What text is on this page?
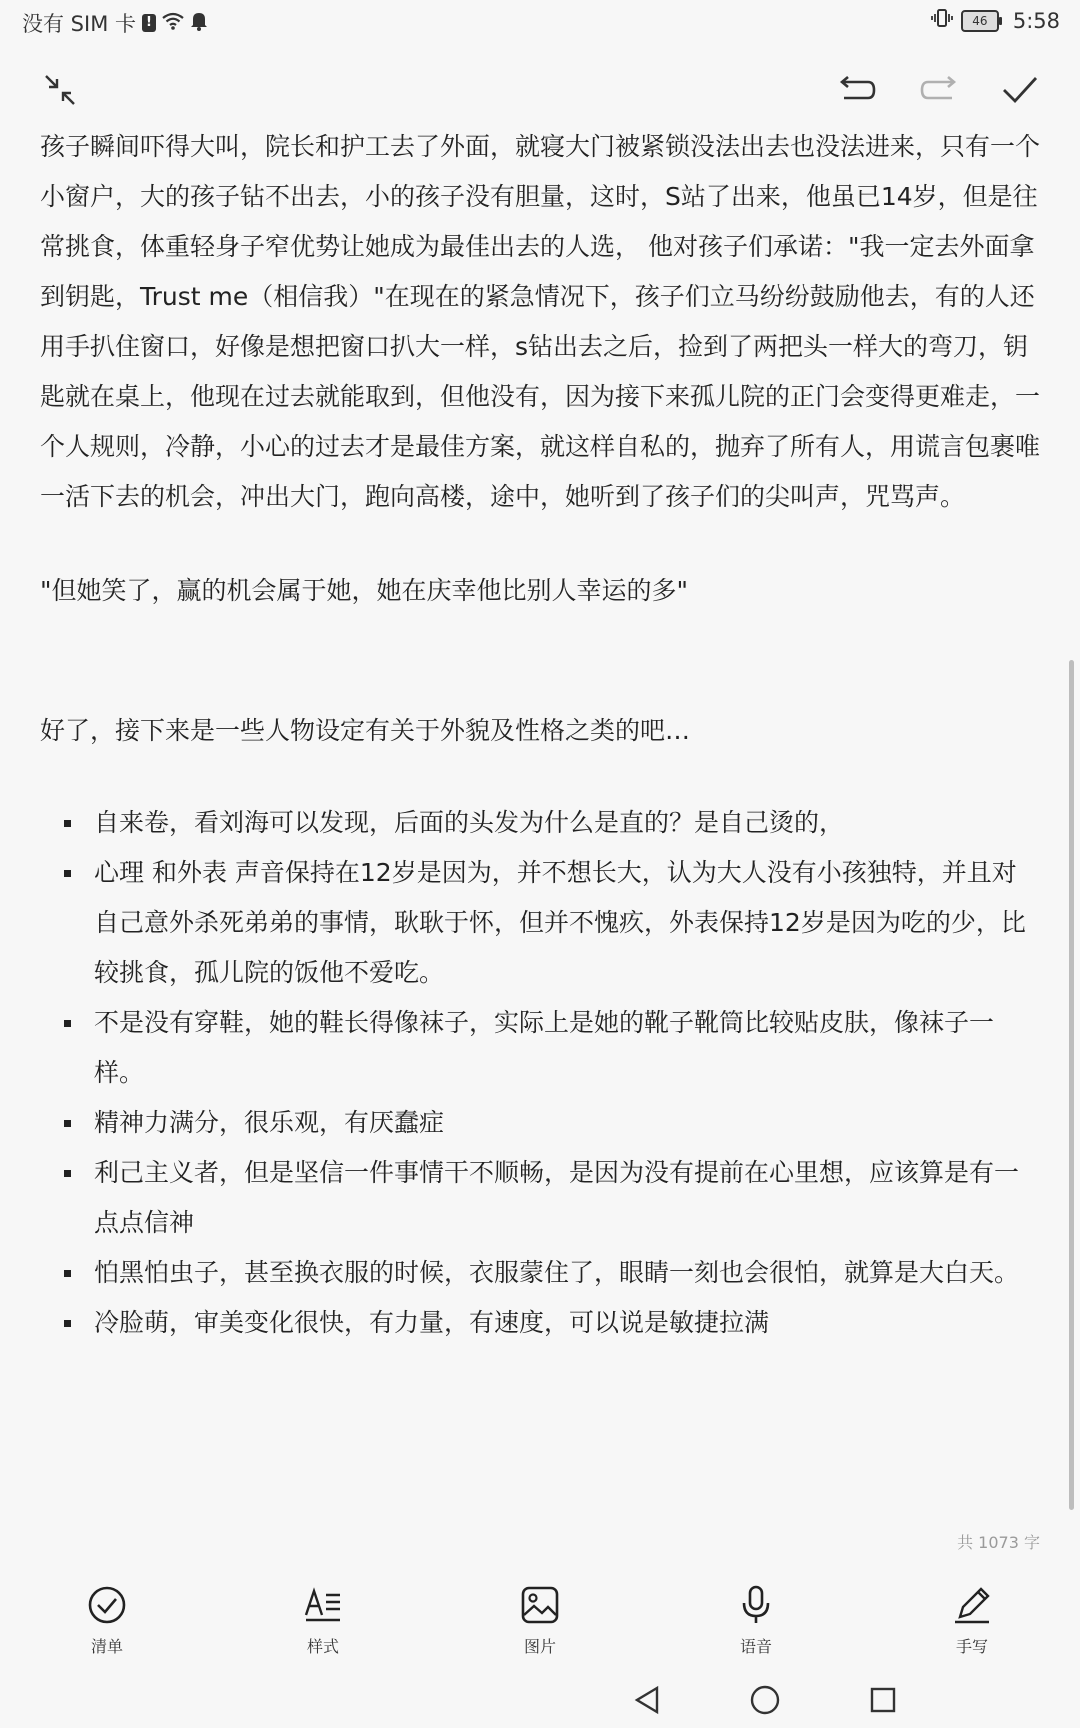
没有 SIM 卡 !	46	5:58

孩子瞬间吓得大叫，院长和护工去了外面，就寝大门被紧锁没法出去也没法进来，只有一个小窗户，大的孩子钻不出去，小的孩子没有胆量，这时，S站了出来，他虽已14岁，但是往常挑食，体重轻身子窄优势让她成为最佳出去的人选， 他对孩子们承诺："我一定去外面拿到钥匙，Trust me（相信我）"在现在的紧急情况下，孩子们立马纷纷鼓励他去，有的人还用手扒住窗口，好像是想把窗口扒大一样，s钻出去之后，捡到了两把头一样大的弯刀，钥匙就在桌上，他现在过去就能取到，但他没有，因为接下来孤儿院的正门会变得更难走，一个人规则，冷静，小心的过去才是最佳方案，就这样自私的，抛弃了所有人，用谎言包裹唯一活下去的机会，冲出大门，跑向高楼，途中，她听到了孩子们的尖叫声，咒骂声。

"但她笑了，赢的机会属于她，她在庆幸他比别人幸运的多"

好了，接下来是一些人物设定有关于外貌及性格之类的吧…

自来卷，看刘海可以发现，后面的头发为什么是直的？是自己烫的，
心理 和外表 声音保持在12岁是因为，并不想长大，认为大人没有小孩独特，并且对自己意外杀死弟弟的事情，耿耿于怀，但并不愧疚，外表保持12岁是因为吃的少，比较挑食，孤儿院的饭他不爱吃。
不是没有穿鞋，她的鞋长得像袜子，实际上是她的靴子靴筒比较贴皮肤，像袜子一样。
精神力满分，很乐观，有厌蠢症
利己主义者，但是坚信一件事情干不顺畅，是因为没有提前在心里想，应该算是有一点点信神
怕黑怕虫子，甚至换衣服的时候，衣服蒙住了，眼睛一刻也会很怕，就算是大白天。
冷脸萌，审美变化很快，有力量，有速度，可以说是敏捷拉满
共 1073 字
清单	样式	图片	语音	手写
